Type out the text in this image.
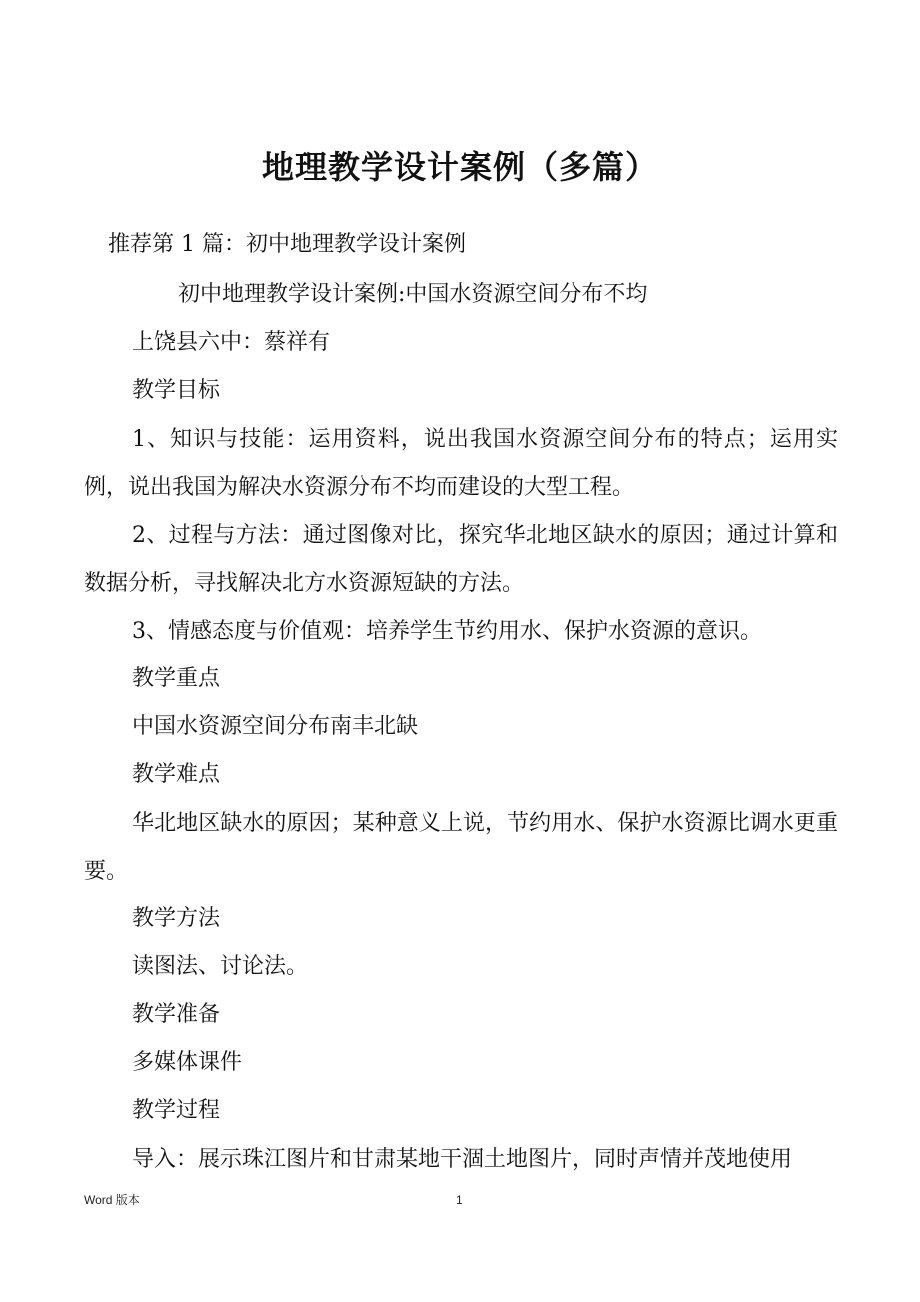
地理教学设计案例（多篇）
推荐第 1 篇：初中地理教学设计案例
初中地理教学设计案例:中国水资源空间分布不均
上饶县六中：蔡祥有
教学目标
1、知识与技能：运用资料，说出我国水资源空间分布的特点；运用实例，说出我国为解决水资源分布不均而建设的大型工程。
2、过程与方法：通过图像对比，探究华北地区缺水的原因；通过计算和数据分析，寻找解决北方水资源短缺的方法。
3、情感态度与价值观：培养学生节约用水、保护水资源的意识。
教学重点
中国水资源空间分布南丰北缺
教学难点
华北地区缺水的原因；某种意义上说，节约用水、保护水资源比调水更重要。
教学方法
读图法、讨论法。
教学准备
多媒体课件
教学过程
导入：展示珠江图片和甘肃某地干涸土地图片，同时声情并茂地使用
Word 版本	1
